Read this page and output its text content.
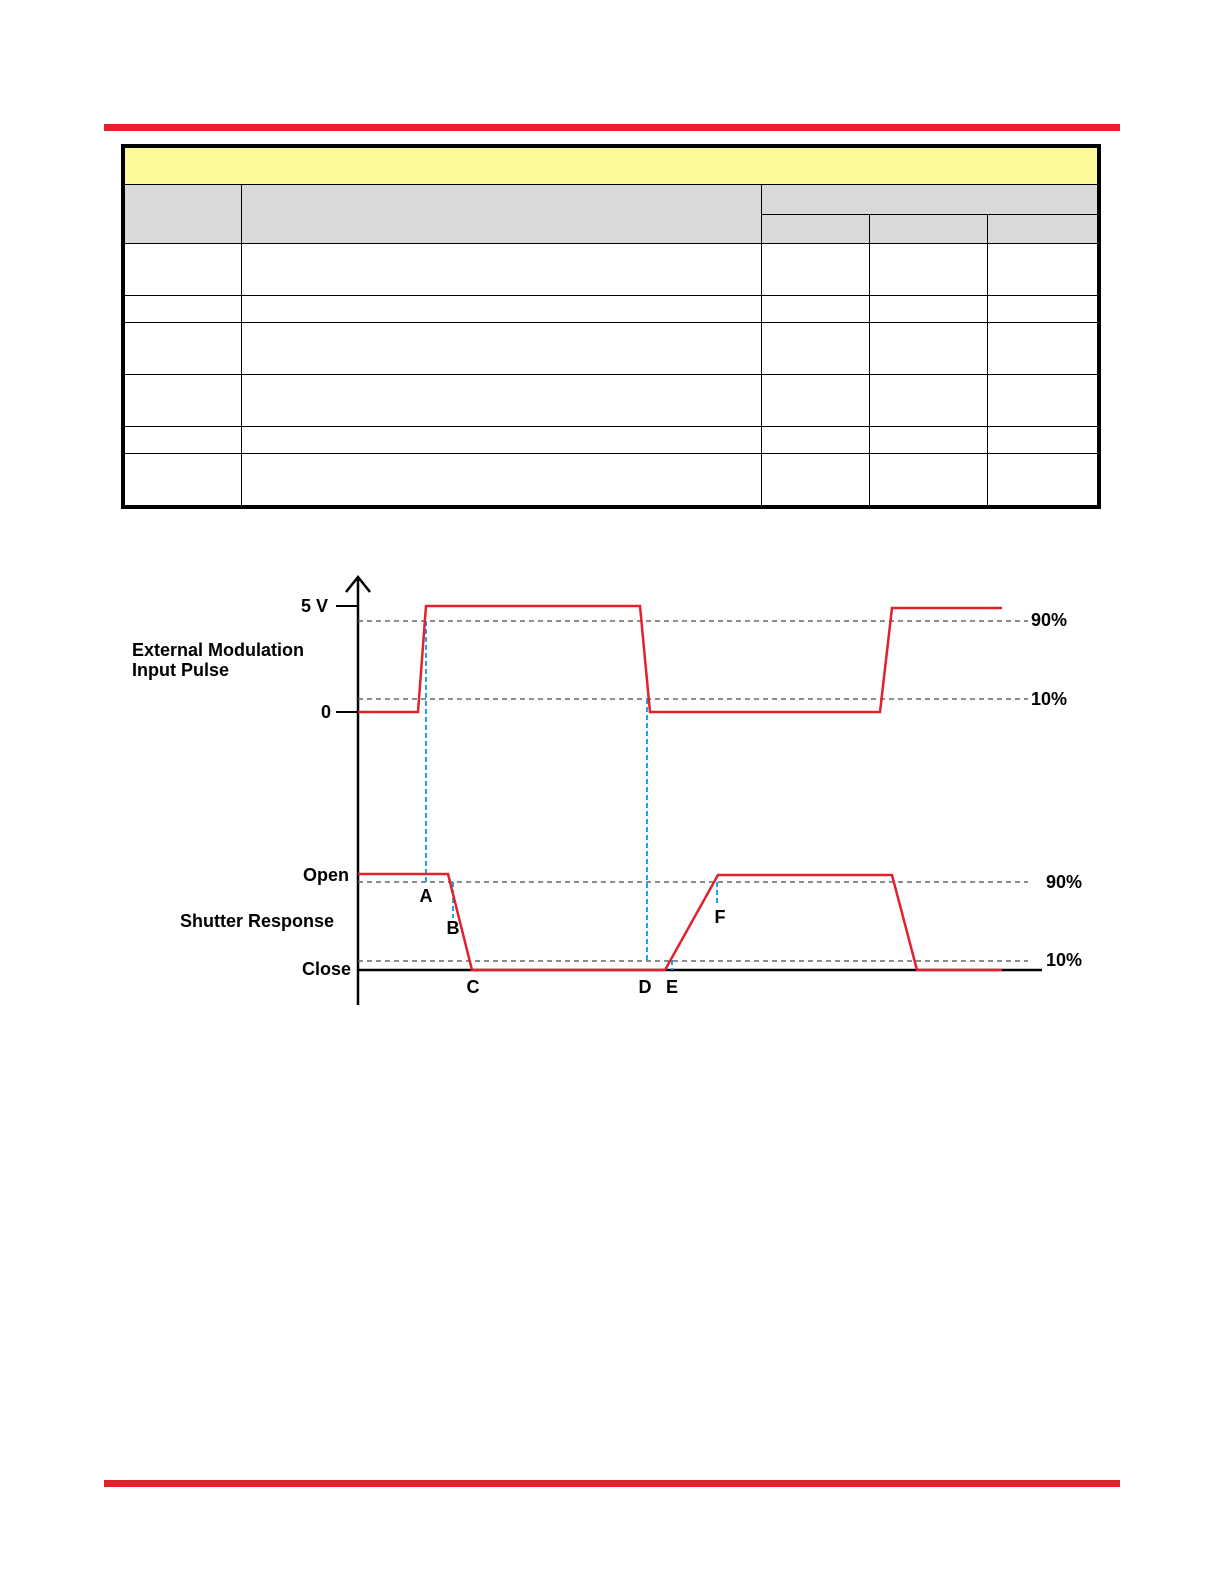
External Modulation
Input Pulse
5 V
0
Shutter Response
Open
Close
90%
10%
90%
10%
A
B
C	D E
F
